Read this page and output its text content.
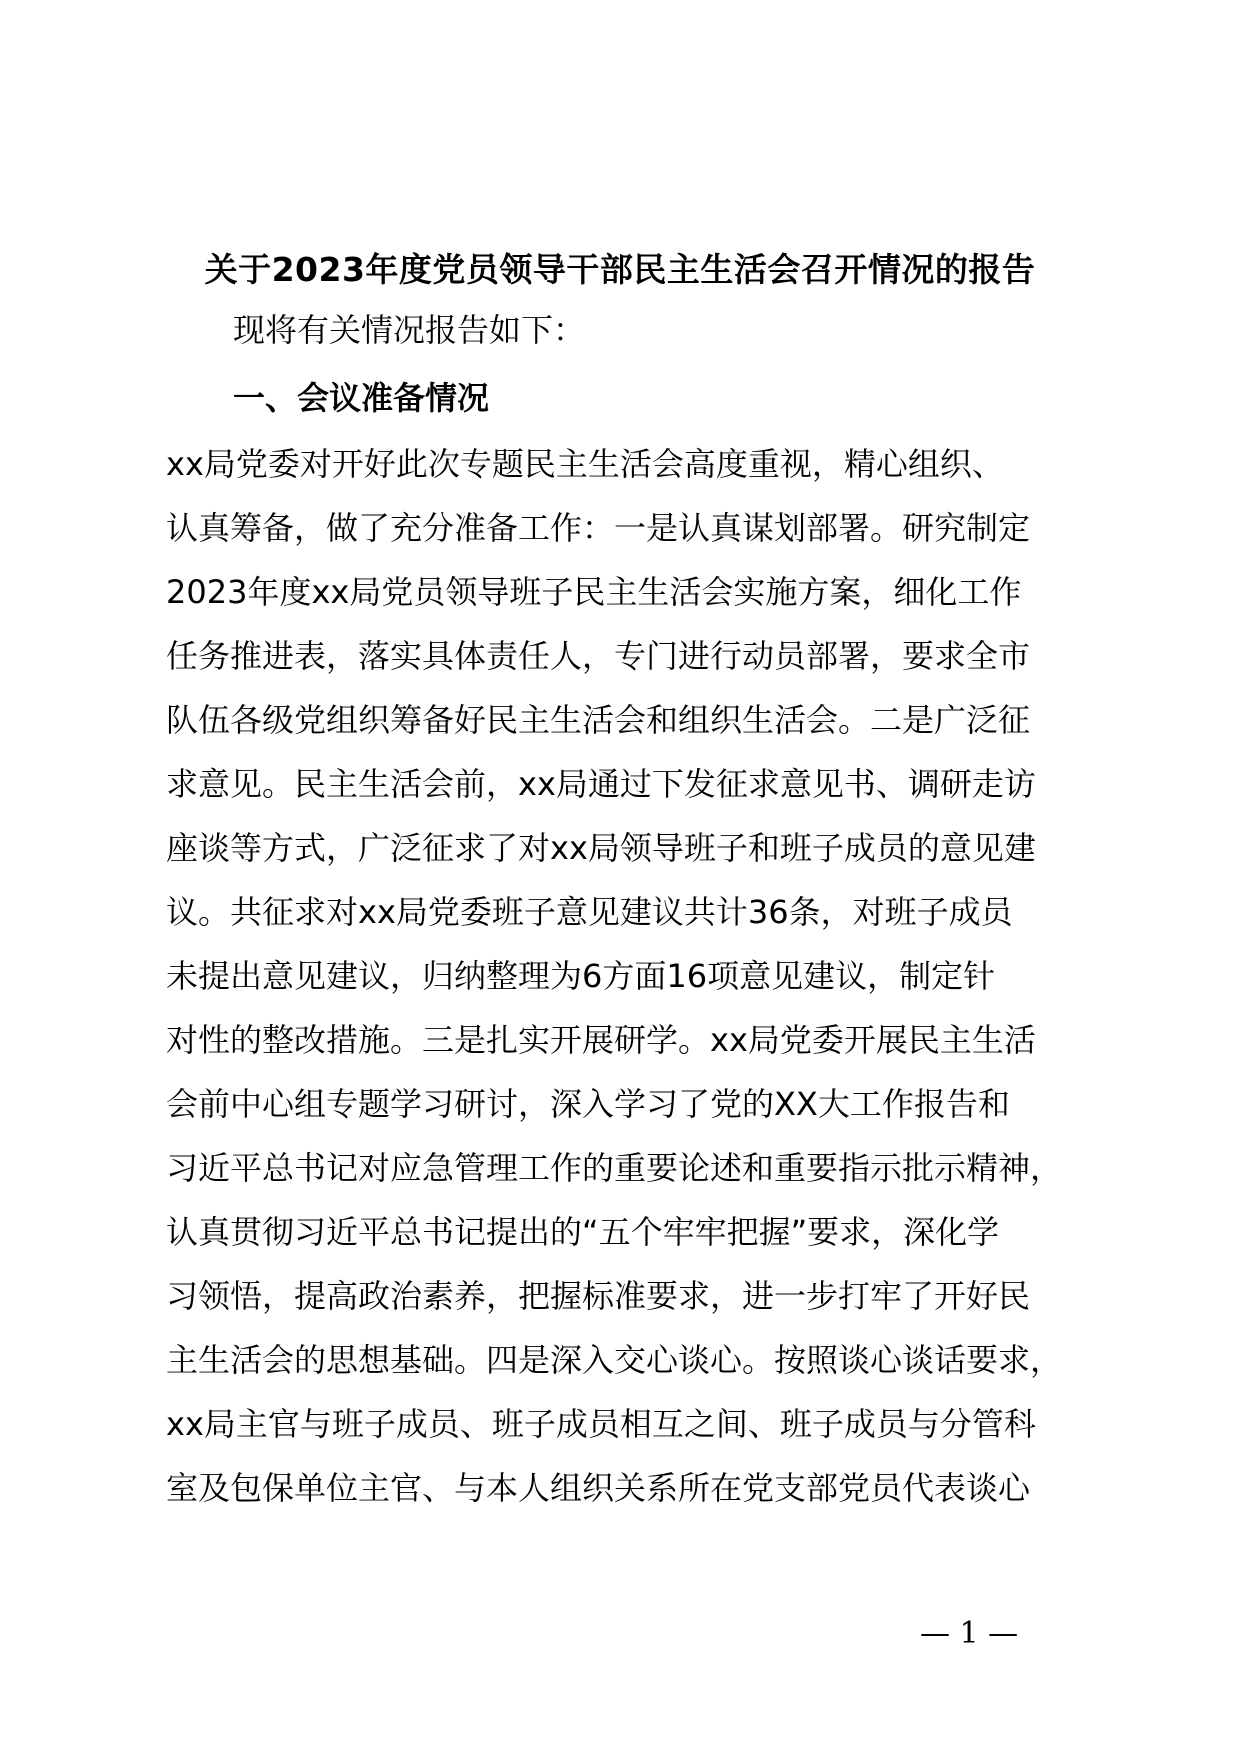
关于2023年度党员领导干部民主生活会召开情况的报告
现将有关情况报告如下：
一、会议准备情况
xx局党委对开好此次专题民主生活会高度重视，精心组织、
认真筹备，做了充分准备工作：一是认真谋划部署。研究制定
2023年度xx局党员领导班子民主生活会实施方案，细化工作
任务推进表，落实具体责任人，专门进行动员部署，要求全市
队伍各级党组织筹备好民主生活会和组织生活会。二是广泛征
求意见。民主生活会前，xx局通过下发征求意见书、调研走访
座谈等方式，广泛征求了对xx局领导班子和班子成员的意见建
议。共征求对xx局党委班子意见建议共计36条，对班子成员
未提出意见建议，归纳整理为6方面16项意见建议，制定针
对性的整改措施。三是扎实开展研学。xx局党委开展民主生活
会前中心组专题学习研讨，深入学习了党的XX大工作报告和
习近平总书记对应急管理工作的重要论述和重要指示批示精神，
认真贯彻习近平总书记提出的“五个牢牢把握”要求，深化学
习领悟，提高政治素养，把握标准要求，进一步打牢了开好民
主生活会的思想基础。四是深入交心谈心。按照谈心谈话要求，
xx局主官与班子成员、班子成员相互之间、班子成员与分管科
室及包保单位主官、与本人组织关系所在党支部党员代表谈心
— 1 —
